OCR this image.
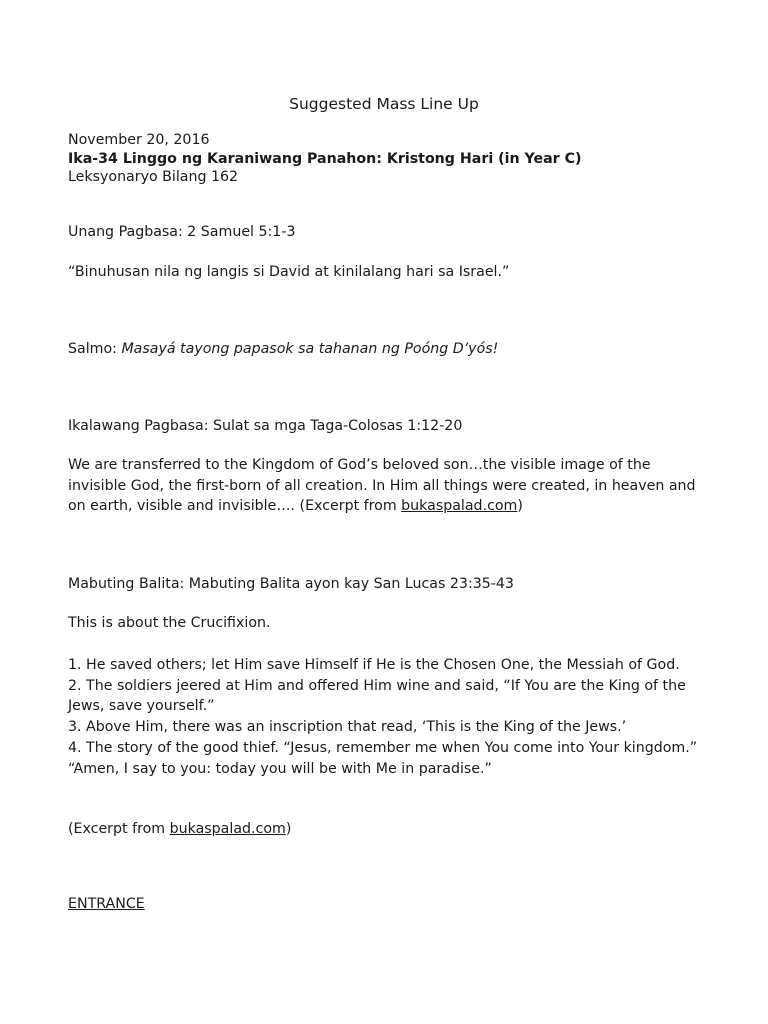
Suggested Mass Line Up

November 20, 2016

Ika-34 Linggo ng Karaniwang Panahon: Kristong Hari (in Year C)

Leksyonaryo Bilang 162

Unang Pagbasa: 2 Samuel 5:1-3

“Binuhusan nila ng langis si David at kinilalang hari sa Israel.”

Salmo: Masayá tayong papasok sa tahanan ng Poóng D’yós!

Ikalawang Pagbasa: Sulat sa mga Taga-Colosas 1:12-20

We are transferred to the Kingdom of God’s beloved son…the visible image of the invisible God, the first-born of all creation. In Him all things were created, in heaven and on earth, visible and invisible…. (Excerpt from bukaspalad.com)

Mabuting Balita: Mabuting Balita ayon kay San Lucas 23:35-43

This is about the Crucifixion.

1. He saved others; let Him save Himself if He is the Chosen One, the Messiah of God.
2. The soldiers jeered at Him and offered Him wine and said, “If You are the King of the Jews, save yourself.”
3. Above Him, there was an inscription that read, ‘This is the King of the Jews.’
4. The story of the good thief. “Jesus, remember me when You come into Your kingdom.” “Amen, I say to you: today you will be with Me in paradise.”

(Excerpt from bukaspalad.com)

ENTRANCE
